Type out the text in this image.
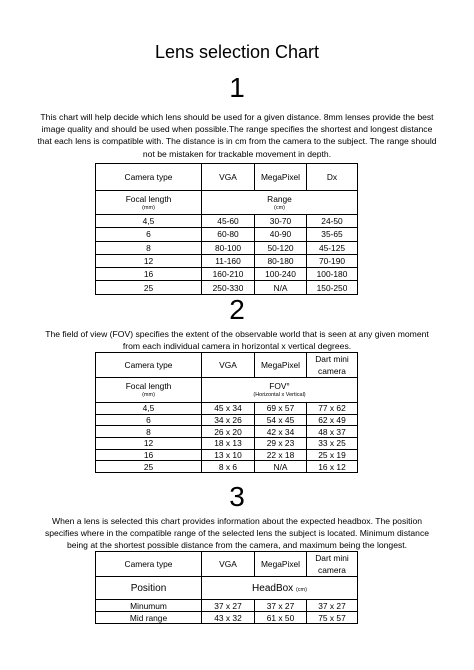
Lens selection Chart
1
This chart will help decide which lens should be used for a given distance. 8mm lenses provide the best image quality and should be used when possible.The range specifies the shortest and longest distance that each lens is compatible with. The distance is in cm from the camera to the subject. The range should not be mistaken for trackable movement in depth.
Camera type	VGA	MegaPixel	Dx

Focal length
(mm)	Range
(cm)		

4,5	45-60	30-70	24-50
6	60-80	40-90	35-65
8	80-100	50-120	45-125
12	11-160	80-180	70-190
16	160-210	100-240	100-180
25	250-330	N/A	150-250
2
The field of view (FOV) specifies the extent of the observable world that is seen at any given moment from each individual camera in horizontal x vertical degrees.
Camera type	VGA	MegaPixel	Dart mini camera

Focal length
(mm)	FOV°
(Horizontal x Vertical)		

4,5	45 x 34	69 x 57	77 x 62
6	34 x 26	54 x 45	62 x 49
8	26 x 20	42 x 34	48 x 37
12	18 x 13	29 x 23	33 x 25
16	13 x 10	22 x 18	25 x 19
25	8 x 6	N/A	16 x 12
3
When a lens is selected this chart provides information about the expected headbox. The position specifies where in the compatible range of the selected lens the subject is located. Minimum distance being at the shortest possible distance from the camera, and maximum being the longest.
Camera type	VGA	MegaPixel	Dart mini camera
Position	HeadBox (cm)		
Minumum	37 x 27	37 x 27	37 x 27
Mid range	43 x 32	61 x 50	75 x 57
